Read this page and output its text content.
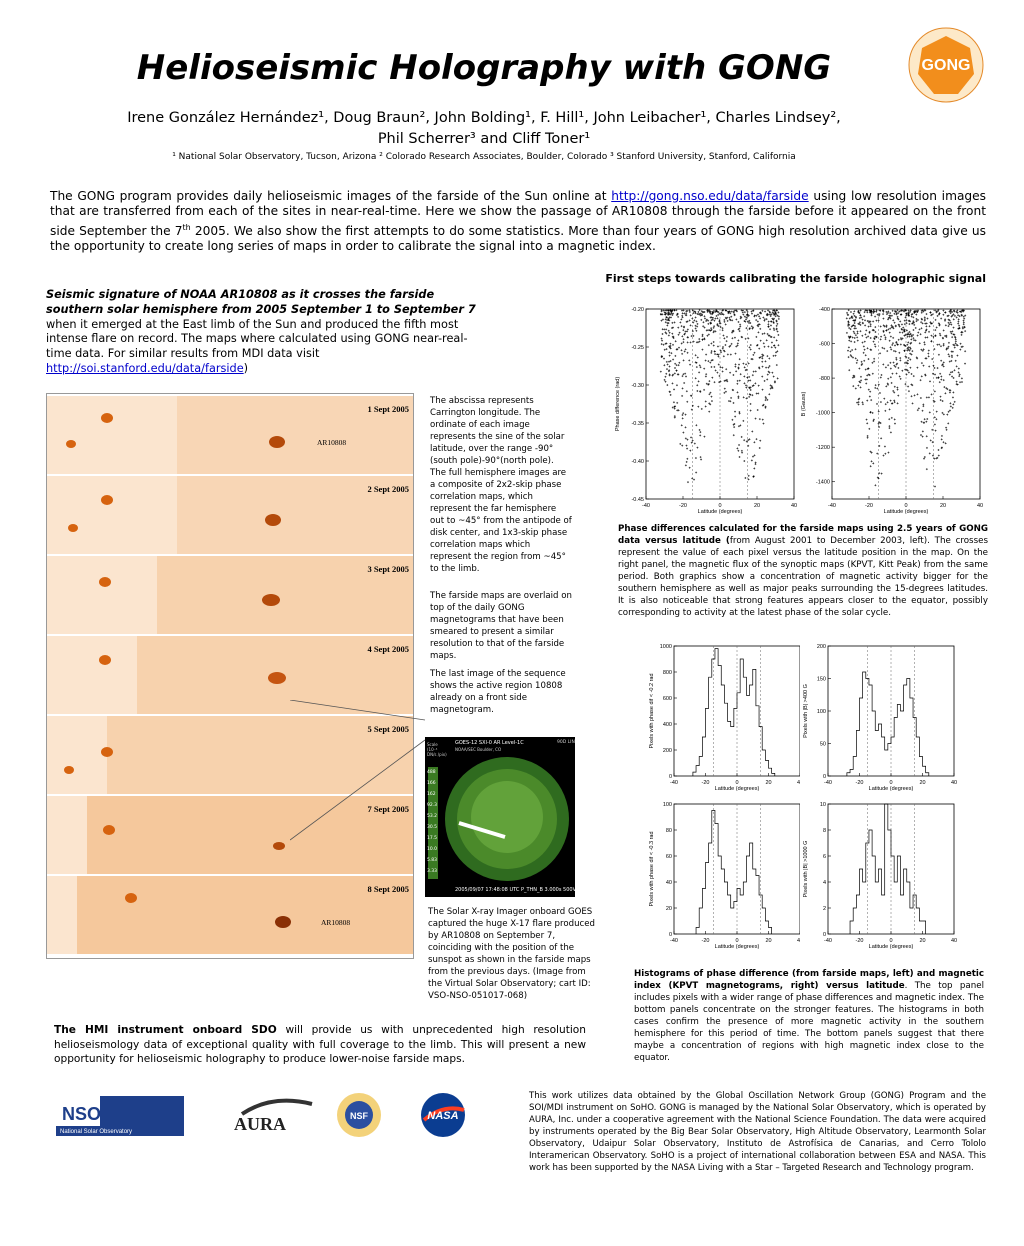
Helioseismic Holography with GONG
Irene González Hernández¹, Doug Braun², John Bolding¹, F. Hill¹, John Leibacher¹, Charles Lindsey²,
Phil Scherrer³ and Cliff Toner¹
¹ National Solar Observatory, Tucson, Arizona ² Colorado Research Associates, Boulder, Colorado ³ Stanford University, Stanford, California
GONG
The GONG program provides daily helioseismic images of the farside of the Sun online at http://gong.nso.edu/data/farside using low resolution images that are transferred from each of the sites in near-real-time. Here we show the passage of AR10808 through the farside before it appeared on the front side September the 7th 2005. We also show the first attempts to do some statistics. More than four years of GONG high resolution archived data give us the opportunity to create long series of maps in order to calibrate the signal into a magnetic index.
Seismic signature of NOAA AR10808 as it crosses the farside southern solar hemisphere from 2005 September 1 to September 7 when it emerged at the East limb of the Sun and produced the fifth most intense flare on record. The maps where calculated using GONG near-real-time data. For similar results from MDI data visit http://soi.stanford.edu/data/farside)
1 Sept 2005
AR10808
2 Sept 2005
3 Sept 2005
4 Sept 2005
5 Sept 2005
7 Sept 2005
8 Sept 2005
AR10808
The abscissa represents Carrington longitude. The ordinate of each image represents the sine of the solar latitude, over the range -90°(south pole)-90°(north pole). The full hemisphere images are a composite of 2x2-skip phase correlation maps, which represent the far hemisphere out to ~45° from the antipode of disk center, and 1x3-skip phase correlation maps which represent the region from ~45° to the limb.
The farside maps are overlaid on top of the daily GONG magnetograms that have been smeared to present a similar resolution to that of the farside maps.
The last image of the sequence shows the active region 10808 already on a front side magnetogram.
GOES-12 SXI-0 AR Level-1C
NOAA/SEC Boulder, CO
Scale (10⁻⁴ DN/s /pix)
90D LIN
488
166
162
92.3
53.2
30.5
17.5
10.0
5.83
3.33
2005/09/07 17:48:08 UTC P_THN_B 3.000s 500V
The Solar X-ray Imager onboard GOES captured the huge X-17 flare produced by AR10808 on September 7, coinciding with the position of the sunspot as shown in the farside maps from the previous days. (Image from the Virtual Solar Observatory; cart ID: VSO-NSO-051017-068)
The HMI instrument onboard SDO will provide us with unprecedented high resolution helioseismology data of exceptional quality with full coverage to the limb. This will present a new opportunity for helioseismic holography to produce lower-noise farside maps.
First steps towards calibrating the farside holographic signal
-40	-20	0	20	40
-0.20
-0.25
-0.30
-0.35
-0.40
-0.45
Latitude (degrees)
Phase difference (rad)
-40	-20	0	20	40
-400
-600
-800
-1000
-1200
-1400
Latitude (degrees)
B (Gauss)
Phase differences calculated for the farside maps using 2.5 years of GONG data versus latitude (from August 2001 to December 2003, left). The crosses represent the value of each pixel versus the latitude position in the map. On the right panel, the magnetic flux of the synoptic maps (KPVT, Kitt Peak) from the same period. Both graphics show a concentration of magnetic activity bigger for the southern hemisphere as well as major peaks surrounding the 15-degrees latitudes. It is also noticeable that strong features appears closer to the equator, possibly corresponding to activity at the latest phase of the solar cycle.
-40	-20	0	20	40
0
200
400
600
800
1000
Latitude (degrees)
Pixels with phase dif < -0.2 rad
-40	-20	0	20	40
0
50
100
150
200
Latitude (degrees)
Pixels with |B| >400 G
-40	-20	0	20	40
0
20
40
60
80
100
Latitude (degrees)
Pixels with phase dif < -0.3 rad
-40	-20	0	20	40
0
2
4
6
8
10
Latitude (degrees)
Pixels with |B| >1000 G
Histograms of phase difference (from farside maps, left) and magnetic index (KPVT magnetograms, right) versus latitude. The top panel includes pixels with a wider range of phase differences and magnetic index. The bottom panels concentrate on the stronger features. The histograms in both cases confirm the presence of more magnetic activity in the southern hemisphere for this period of time. The bottom panels suggest that there maybe a concentration of regions with high magnetic index close to the equator.
This work utilizes data obtained by the Global Oscillation Network Group (GONG) Program and the SOI/MDI instrument on SoHO. GONG is managed by the National Solar Observatory, which is operated by AURA, Inc. under a cooperative agreement with the National Science Foundation. The data were acquired by instruments operated by the Big Bear Solar Observatory, High Altitude Observatory, Learmonth Solar Observatory, Udaipur Solar Observatory, Instituto de Astrofísica de Canarias, and Cerro Tololo Interamerican Observatory. SoHO is a project of international collaboration between ESA and NASA. This work has been supported by the NASA Living with a Star – Targeted Research and Technology program.
NSO
National Solar Observatory	AURA	NSF	NASA
